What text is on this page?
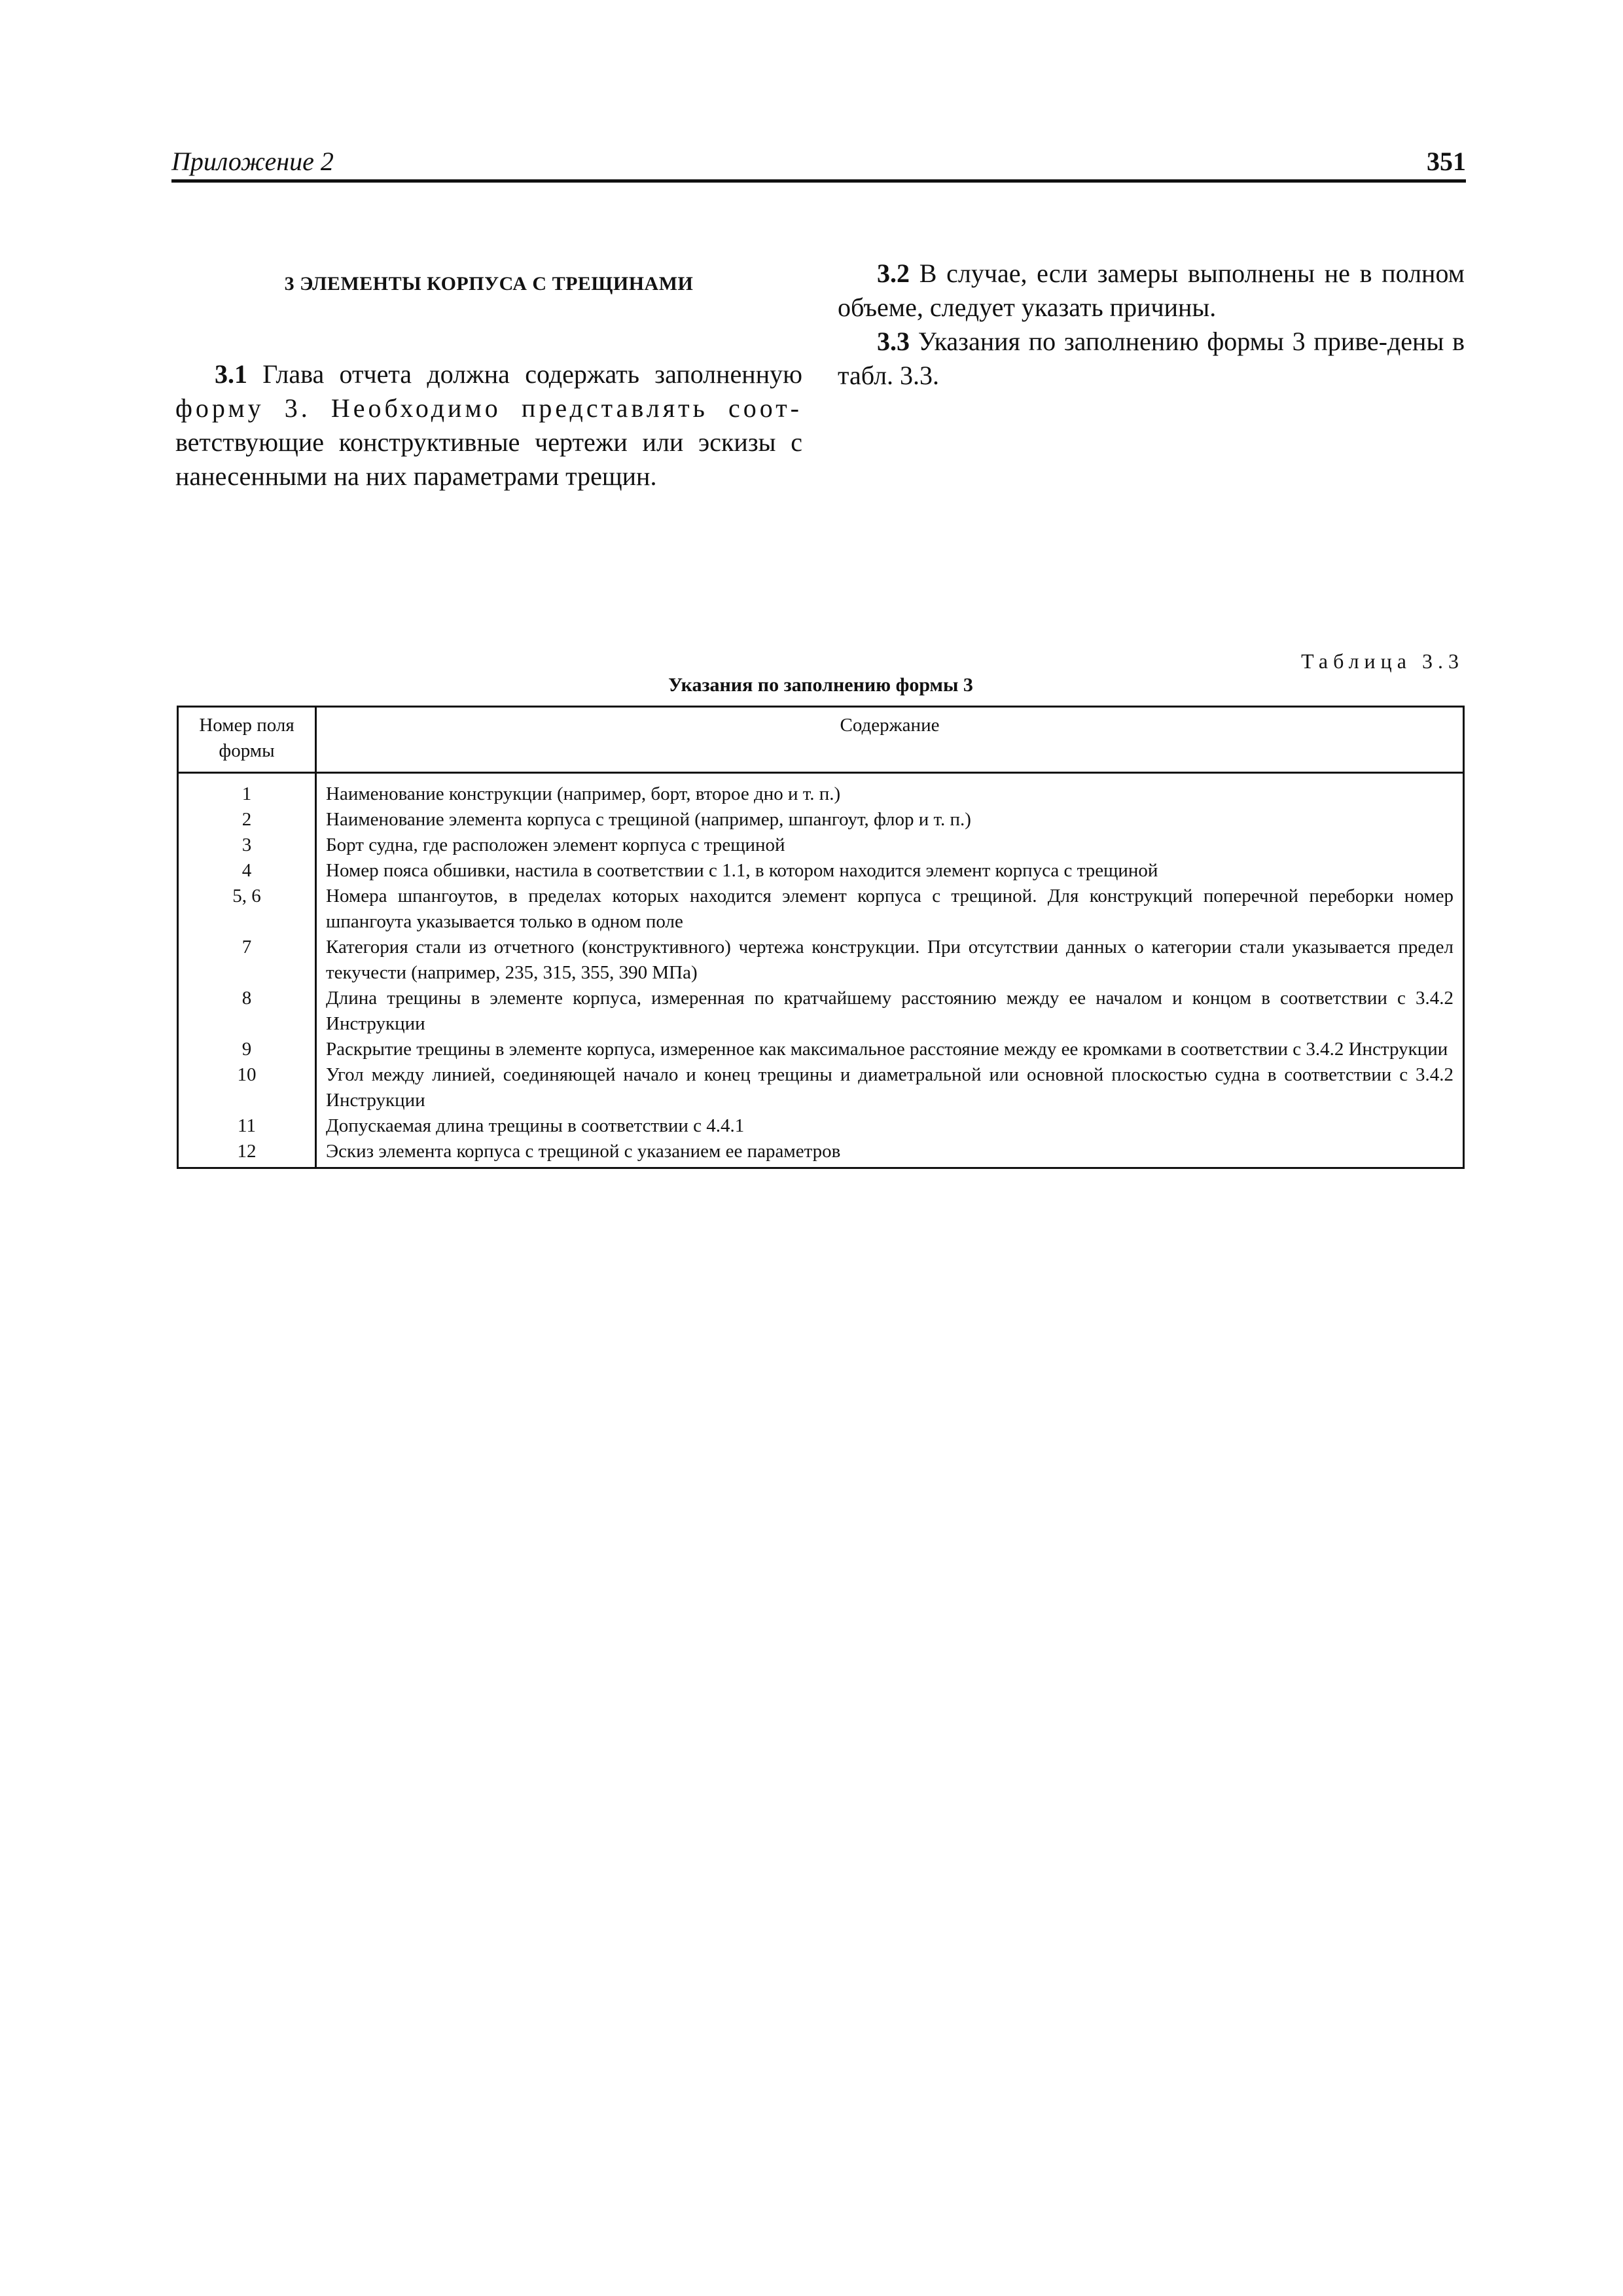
Приложение 2	351

3 ЭЛЕМЕНТЫ КОРПУСА С ТРЕЩИНАМИ

3.1 Глава отчета должна содержать заполненную форму 3. Необходимо представлять соот-ветствующие конструктивные чертежи или эскизы с нанесенными на них параметрами трещин.

3.2 В случае, если замеры выполнены не в полном объеме, следует указать причины.

3.3 Указания по заполнению формы 3 приве-дены в табл. 3.3.

Таблица 3.3
Указания по заполнению формы 3
Номер поля формы	Содержание
1	Наименование конструкции (например, борт, второе дно и т. п.)
2	Наименование элемента корпуса с трещиной (например, шпангоут, флор и т. п.)
3	Борт судна, где расположен элемент корпуса с трещиной
4	Номер пояса обшивки, настила в соответствии с 1.1, в котором находится элемент корпуса с трещиной
5, 6	Номера шпангоутов, в пределах которых находится элемент корпуса с трещиной. Для конструкций поперечной переборки номер шпангоута указывается только в одном поле
7	Категория стали из отчетного (конструктивного) чертежа конструкции. При отсутствии данных о категории стали указывается предел текучести (например, 235, 315, 355, 390 МПа)
8	Длина трещины в элементе корпуса, измеренная по кратчайшему расстоянию между ее началом и концом в соответствии с 3.4.2 Инструкции
9	Раскрытие трещины в элементе корпуса, измеренное как максимальное расстояние между ее кромками в соответствии с 3.4.2 Инструкции
10	Угол между линией, соединяющей начало и конец трещины и диаметральной или основной плоскостью судна в соответствии с 3.4.2 Инструкции
11	Допускаемая длина трещины в соответствии с 4.4.1
12	Эскиз элемента корпуса с трещиной с указанием ее параметров
